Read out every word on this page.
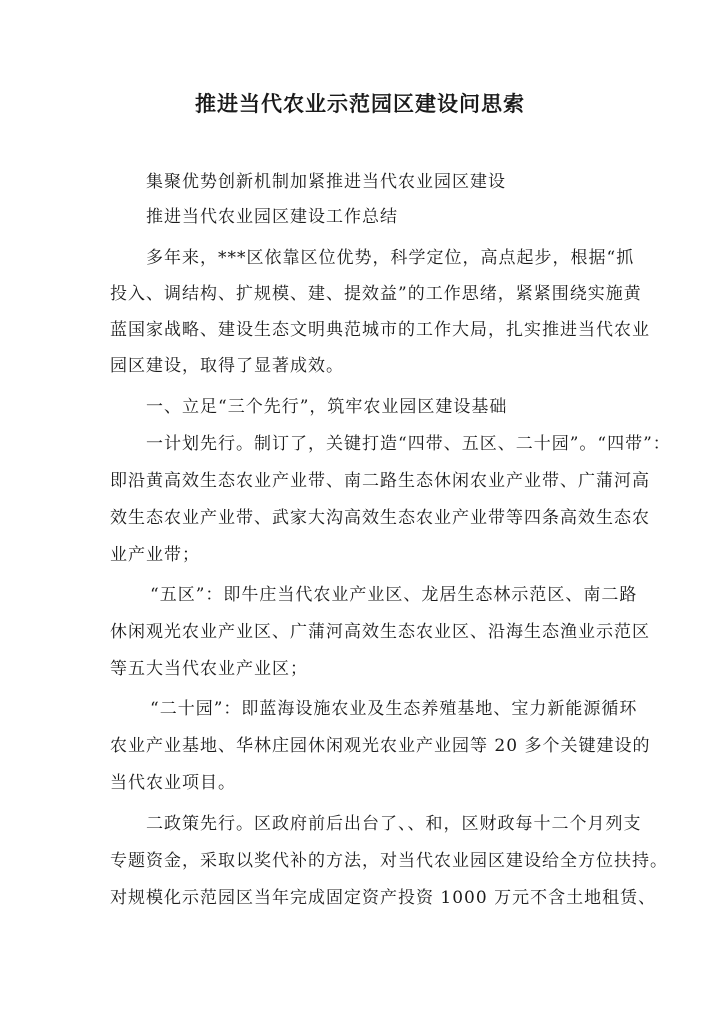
推进当代农业示范园区建设问思索
集聚优势创新机制加紧推进当代农业园区建设
推进当代农业园区建设工作总结
多年来，***区依靠区位优势，科学定位，高点起步，根据“抓
投入、调结构、扩规模、建、提效益”的工作思绪，紧紧围绕实施黄
蓝国家战略、建设生态文明典范城市的工作大局，扎实推进当代农业
园区建设，取得了显著成效。
一、立足“三个先行”，筑牢农业园区建设基础
一计划先行。制订了，关键打造“四带、五区、二十园”。“四带”：
即沿黄高效生态农业产业带、南二路生态休闲农业产业带、广蒲河高
效生态农业产业带、武家大沟高效生态农业产业带等四条高效生态农
业产业带；
“五区”：即牛庄当代农业产业区、龙居生态林示范区、南二路
休闲观光农业产业区、广蒲河高效生态农业区、沿海生态渔业示范区
等五大当代农业产业区；
“二十园”：即蓝海设施农业及生态养殖基地、宝力新能源循环
农业产业基地、华林庄园休闲观光农业产业园等 20 多个关键建设的
当代农业项目。
二政策先行。区政府前后出台了、、和，区财政每十二个月列支
专题资金，采取以奖代补的方法，对当代农业园区建设给全方位扶持。
对规模化示范园区当年完成固定资产投资 1000 万元不含土地租赁、
